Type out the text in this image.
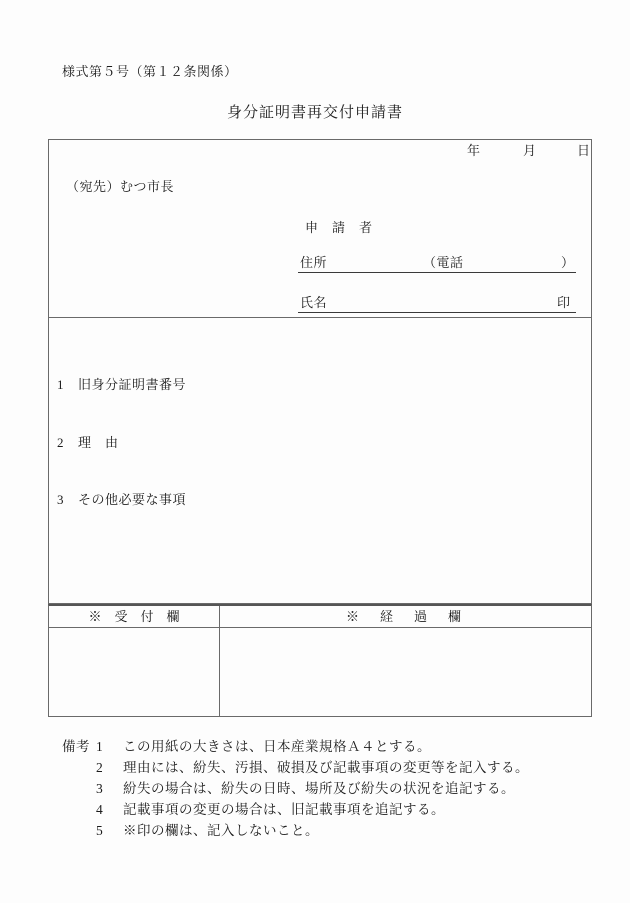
様式第５号（第１２条関係）
身分証明書再交付申請書
年	月	日
（宛先）むつ市長
申　請　者
住所	（電話	）
氏名	印
1 旧身分証明書番号
2 理　由
3 その他必要な事項
※　受　付　欄	※　経　過　欄
備考 1	この用紙の大きさは、日本産業規格Ａ４とする。
2	理由には、紛失、汚損、破損及び記載事項の変更等を記入する。
3	紛失の場合は、紛失の日時、場所及び紛失の状況を追記する。
4	記載事項の変更の場合は、旧記載事項を追記する。
5	※印の欄は、記入しないこと。
